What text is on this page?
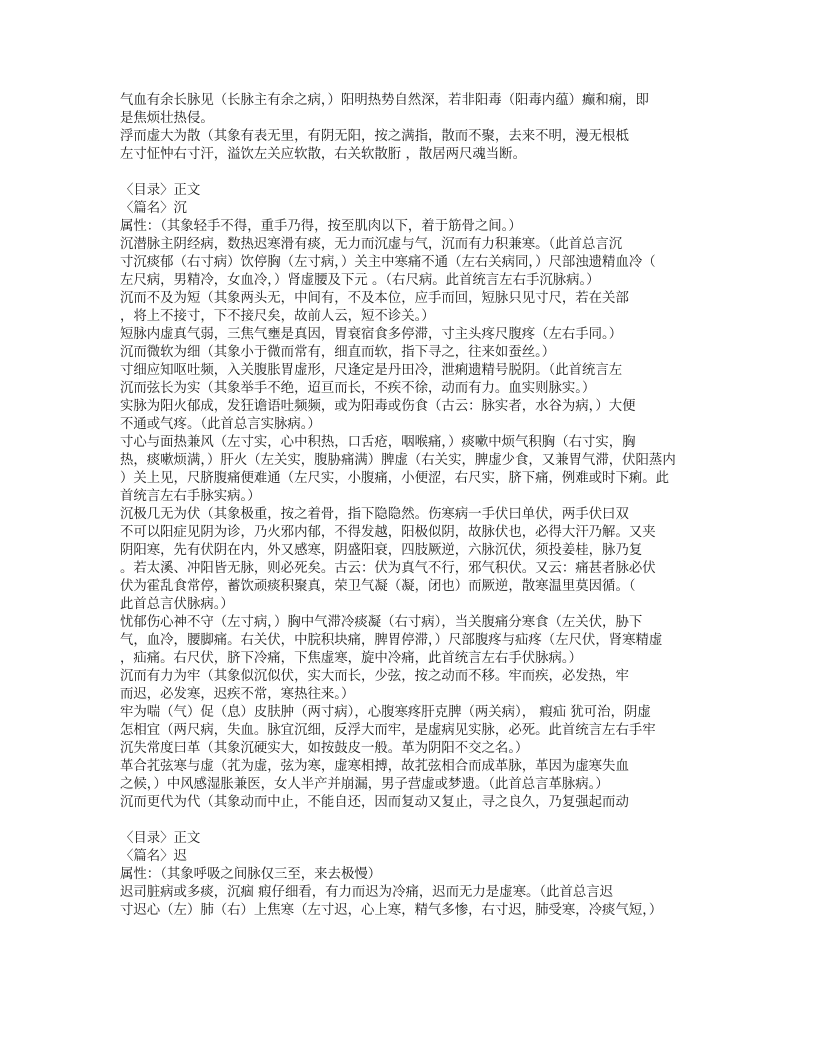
气血有余长脉见（长脉主有余之病，）阳明热势自然深，若非阳毒（阳毒内蕴）癫和痫，即
是焦烦壮热侵。
浮而虚大为散（其象有表无里，有阴无阳，按之满指，散而不聚，去来不明，漫无根柢
左寸怔忡右寸汗，溢饮左关应软散，右关软散胻 ，散居两尺魂当断。
〈目录〉正文
〈篇名〉沉
属性：（其象轻手不得，重手乃得，按至肌肉以下，着于筋骨之间。）
沉潜脉主阴经病，数热迟寒滑有痰，无力而沉虚与气，沉而有力积兼寒。（此首总言沉
寸沉痰郁（右寸病）饮停胸（左寸病，）关主中寒痛不通（左右关病同，）尺部浊遗精血冷（
左尺病，男精冷，女血冷，）肾虚腰及下元 。（右尺病。此首统言左右手沉脉病。）
沉而不及为短（其象两头无，中间有，不及本位，应手而回，短脉只见寸尺，若在关部
，将上不接寸，下不接尺矣，故前人云，短不诊关。）
短脉内虚真气弱，三焦气壅是真因，胃衰宿食多停滞，寸主头疼尺腹疼（左右手同。）
沉而微软为细（其象小于微而常有，细直而软，指下寻之，往来如蚕丝。）
寸细应知呕吐频，入关腹胀胃虚形，尺逢定是丹田冷，泄痢遗精号脱阴。（此首统言左
沉而弦长为实（其象举手不绝，迢亘而长，不疾不徐，动而有力。血实则脉实。）
实脉为阳火郁成，发狂谵语吐频频，或为阳毒或伤食（古云：脉实者，水谷为病，）大便
不通或气疼。（此首总言实脉病。）
寸心与面热兼风（左寸实，心中积热，口舌疮，咽喉痛，）痰嗽中烦气积胸（右寸实，胸
热，痰嗽烦满，）肝火（左关实，腹胁痛满）脾虚（右关实，脾虚少食，又兼胃气滞，伏阳蒸内
）关上见，尺脐腹痛便难通（左尺实，小腹痛，小便涩，右尺实，脐下痛，例难或时下痢。此
首统言左右手脉实病。）
沉极几无为伏（其象极重，按之着骨，指下隐隐然。伤寒病一手伏曰单伏，两手伏曰双
不可以阳症见阴为诊，乃火邪内郁，不得发越，阳极似阴，故脉伏也，必得大汗乃解。又夹
阴阳寒，先有伏阴在内，外又感寒，阴盛阳衰，四肢厥逆，六脉沉伏，须投姜桂，脉乃复
。若太溪、冲阳皆无脉，则必死矣。古云：伏为真气不行，邪气积伏。又云：痛甚者脉必伏
伏为霍乱食常停，蓄饮顽痰积聚真，荣卫气凝（凝，闭也）而厥逆，散寒温里莫因循。（
此首总言伏脉病。）
忧郁伤心神不守（左寸病，）胸中气滞冷痰凝（右寸病），当关腹痛分寒食（左关伏，胁下
气，血冷，腰脚痛。右关伏，中脘积块痛，脾胃停滞，）尺部腹疼与疝疼（左尺伏，肾寒精虚
，疝痛。右尺伏，脐下冷痛，下焦虚寒，旋中冷痛，此首统言左右手伏脉病。）
沉而有力为牢（其象似沉似伏，实大而长，少弦，按之动而不移。牢而疾，必发热，牢
而迟，必发寒，迟疾不常，寒热往来。）
牢为喘（气）促（息）皮肤肿（两寸病），心腹寒疼肝克脾（两关病）， 瘕疝 犹可治，阴虚
怎相宜（两尺病，失血。脉宜沉细，反浮大而牢，是虚病见实脉，必死。此首统言左右手牢
沉失常度曰革（其象沉硬实大，如按鼓皮一般。革为阴阳不交之名。）
革合芤弦寒与虚（芤为虚，弦为寒，虚寒相搏，故芤弦相合而成革脉，革因为虚寒失血
之候，）中风感湿胀兼医，女人半产并崩漏，男子营虚或梦遗。（此首总言革脉病。）
沉而更代为代（其象动而中止，不能自还，因而复动又复止，寻之良久，乃复强起而动
〈目录〉正文
〈篇名〉迟
属性：（其象呼吸之间脉仅三至，来去极慢）
迟司脏病或多痰，沉痼 瘕仔细看，有力而迟为冷痛，迟而无力是虚寒。（此首总言迟
寸迟心（左）肺（右）上焦寒（左寸迟，心上寒，精气多惨，右寸迟，肺受寒，冷痰气短，）
